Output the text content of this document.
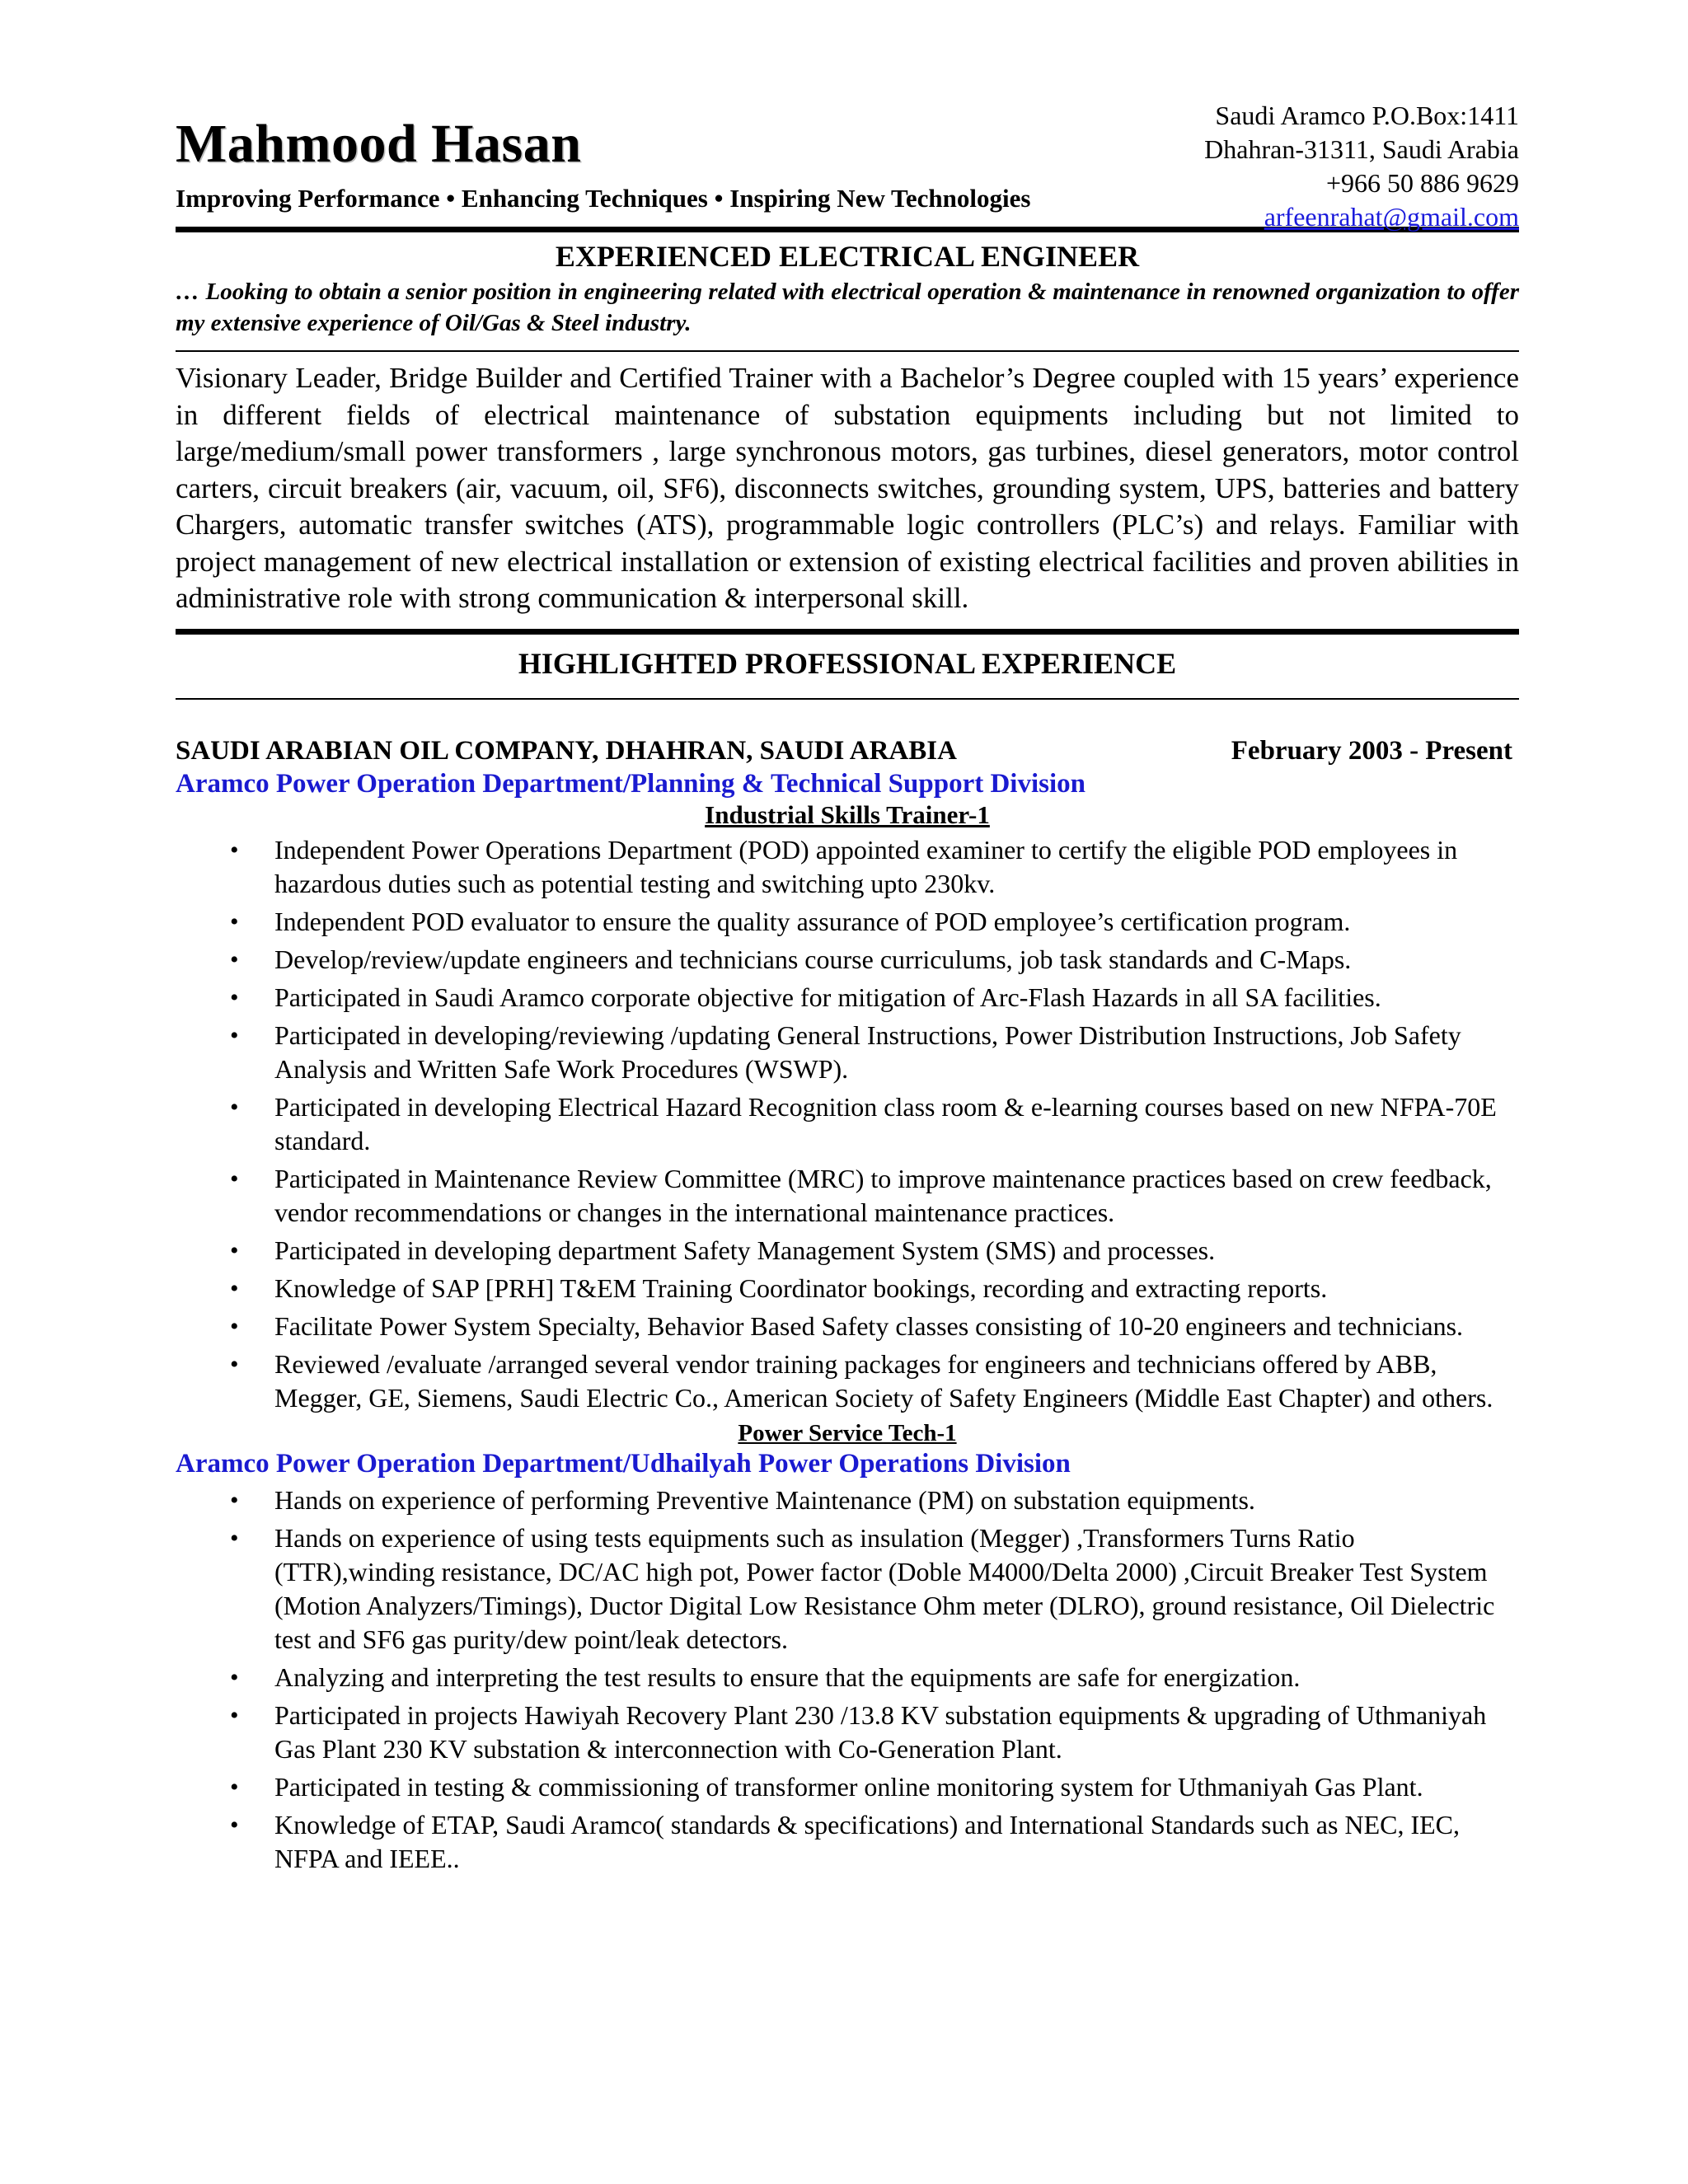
Mahmood Hasan
Improving Performance • Enhancing Techniques • Inspiring New Technologies
Saudi Aramco P.O.Box:1411
Dhahran-31311, Saudi Arabia
+966 50 886 9629
arfeenrahat@gmail.com
EXPERIENCED ELECTRICAL ENGINEER
… Looking to obtain a senior position in engineering related with electrical operation & maintenance in renowned organization to offer my extensive experience of Oil/Gas & Steel industry.
Visionary Leader, Bridge Builder and Certified Trainer with a Bachelor’s Degree coupled with 15 years’ experience in different fields of electrical maintenance of substation equipments including but not limited to large/medium/small power transformers , large synchronous motors, gas turbines, diesel generators, motor control carters, circuit breakers (air, vacuum, oil, SF6), disconnects switches, grounding system, UPS, batteries and battery Chargers, automatic transfer switches (ATS), programmable logic controllers (PLC’s) and relays. Familiar with project management of new electrical installation or extension of existing electrical facilities and proven abilities in administrative role with strong communication & interpersonal skill.
HIGHLIGHTED PROFESSIONAL EXPERIENCE
SAUDI ARABIAN OIL COMPANY, DHAHRAN, SAUDI ARABIA	February 2003 - Present
Aramco Power Operation Department/Planning & Technical Support Division
Industrial Skills Trainer-1
• Independent Power Operations Department (POD) appointed examiner to certify the eligible POD employees in hazardous duties such as potential testing and switching upto 230kv.
• Independent POD evaluator to ensure the quality assurance of POD employee’s certification program.
• Develop/review/update engineers and technicians course curriculums, job task standards and C-Maps.
• Participated in Saudi Aramco corporate objective for mitigation of Arc-Flash Hazards in all SA facilities.
• Participated in developing/reviewing /updating General Instructions, Power Distribution Instructions, Job Safety Analysis and Written Safe Work Procedures (WSWP).
• Participated in developing Electrical Hazard Recognition class room & e-learning courses based on new NFPA-70E standard.
• Participated in Maintenance Review Committee (MRC) to improve maintenance practices based on crew feedback, vendor recommendations or changes in the international maintenance practices.
• Participated in developing department Safety Management System (SMS) and processes.
• Knowledge of SAP [PRH] T&EM Training Coordinator bookings, recording and extracting reports.
• Facilitate Power System Specialty, Behavior Based Safety classes consisting of 10-20 engineers and technicians.
• Reviewed /evaluate /arranged several vendor training packages for engineers and technicians offered by ABB, Megger, GE, Siemens, Saudi Electric Co., American Society of Safety Engineers (Middle East Chapter) and others.
Power Service Tech-1
Aramco Power Operation Department/Udhailyah Power Operations Division
• Hands on experience of performing Preventive Maintenance (PM) on substation equipments.
• Hands on experience of using tests equipments such as insulation (Megger) ,Transformers Turns Ratio (TTR),winding resistance, DC/AC high pot, Power factor (Doble M4000/Delta 2000) ,Circuit Breaker Test System (Motion Analyzers/Timings), Ductor Digital Low Resistance Ohm meter (DLRO), ground resistance, Oil Dielectric test and SF6 gas purity/dew point/leak detectors.
• Analyzing and interpreting the test results to ensure that the equipments are safe for energization.
• Participated in projects Hawiyah Recovery Plant 230 /13.8 KV substation equipments & upgrading of Uthmaniyah Gas Plant 230 KV substation & interconnection with Co-Generation Plant.
• Participated in testing & commissioning of transformer online monitoring system for Uthmaniyah Gas Plant.
• Knowledge of ETAP, Saudi Aramco( standards & specifications) and International Standards such as NEC, IEC, NFPA and IEEE..
